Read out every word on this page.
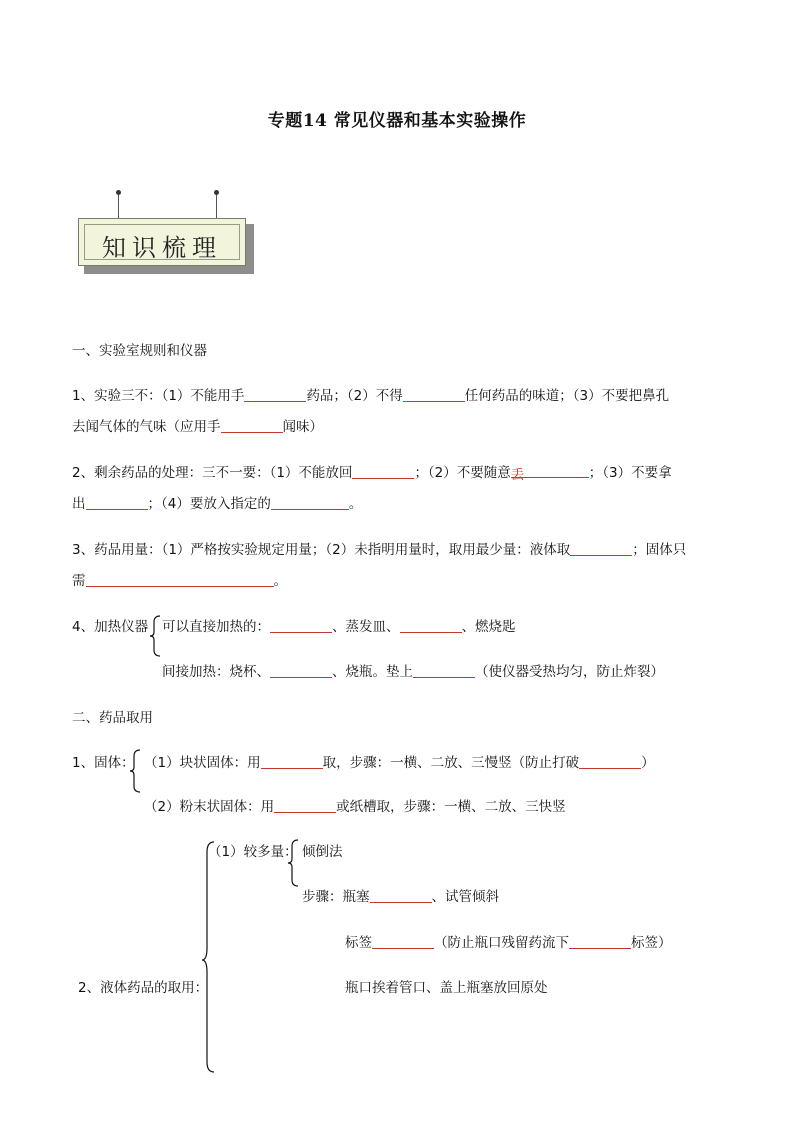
专题14 常见仪器和基本实验操作
知识梳理
一、实验室规则和仪器
1、实验三不：（1）不能用手	药品；（2）不得	任何药品的味道；（3）不要把鼻孔
去闻气体的气味（应用手	闻味）
2、剩余药品的处理：三不一要：（1）不能放回	；（2）不要随意丢	；（3）不要拿
出	；（4）要放入指定的	。
3、药品用量：（1）严格按实验规定用量；（2）未指明用量时，取用最少量：液体取	；固体只
需	。
4、加热仪器 可以直接加热的：	、蒸发皿、	、燃烧匙
间接加热：烧杯、	、烧瓶。垫上	（使仪器受热均匀，防止炸裂）
二、药品取用
1、固体： （1）块状固体：用	取，步骤：一横、二放、三慢竖（防止打破	）
（2）粉末状固体：用	或纸槽取，步骤：一横、二放、三快竖
（1）较多量： 倾倒法
步骤：瓶塞	、试管倾斜
标签	（防止瓶口残留药流下	标签）
2、液体药品的取用：	瓶口挨着管口、盖上瓶塞放回原处
